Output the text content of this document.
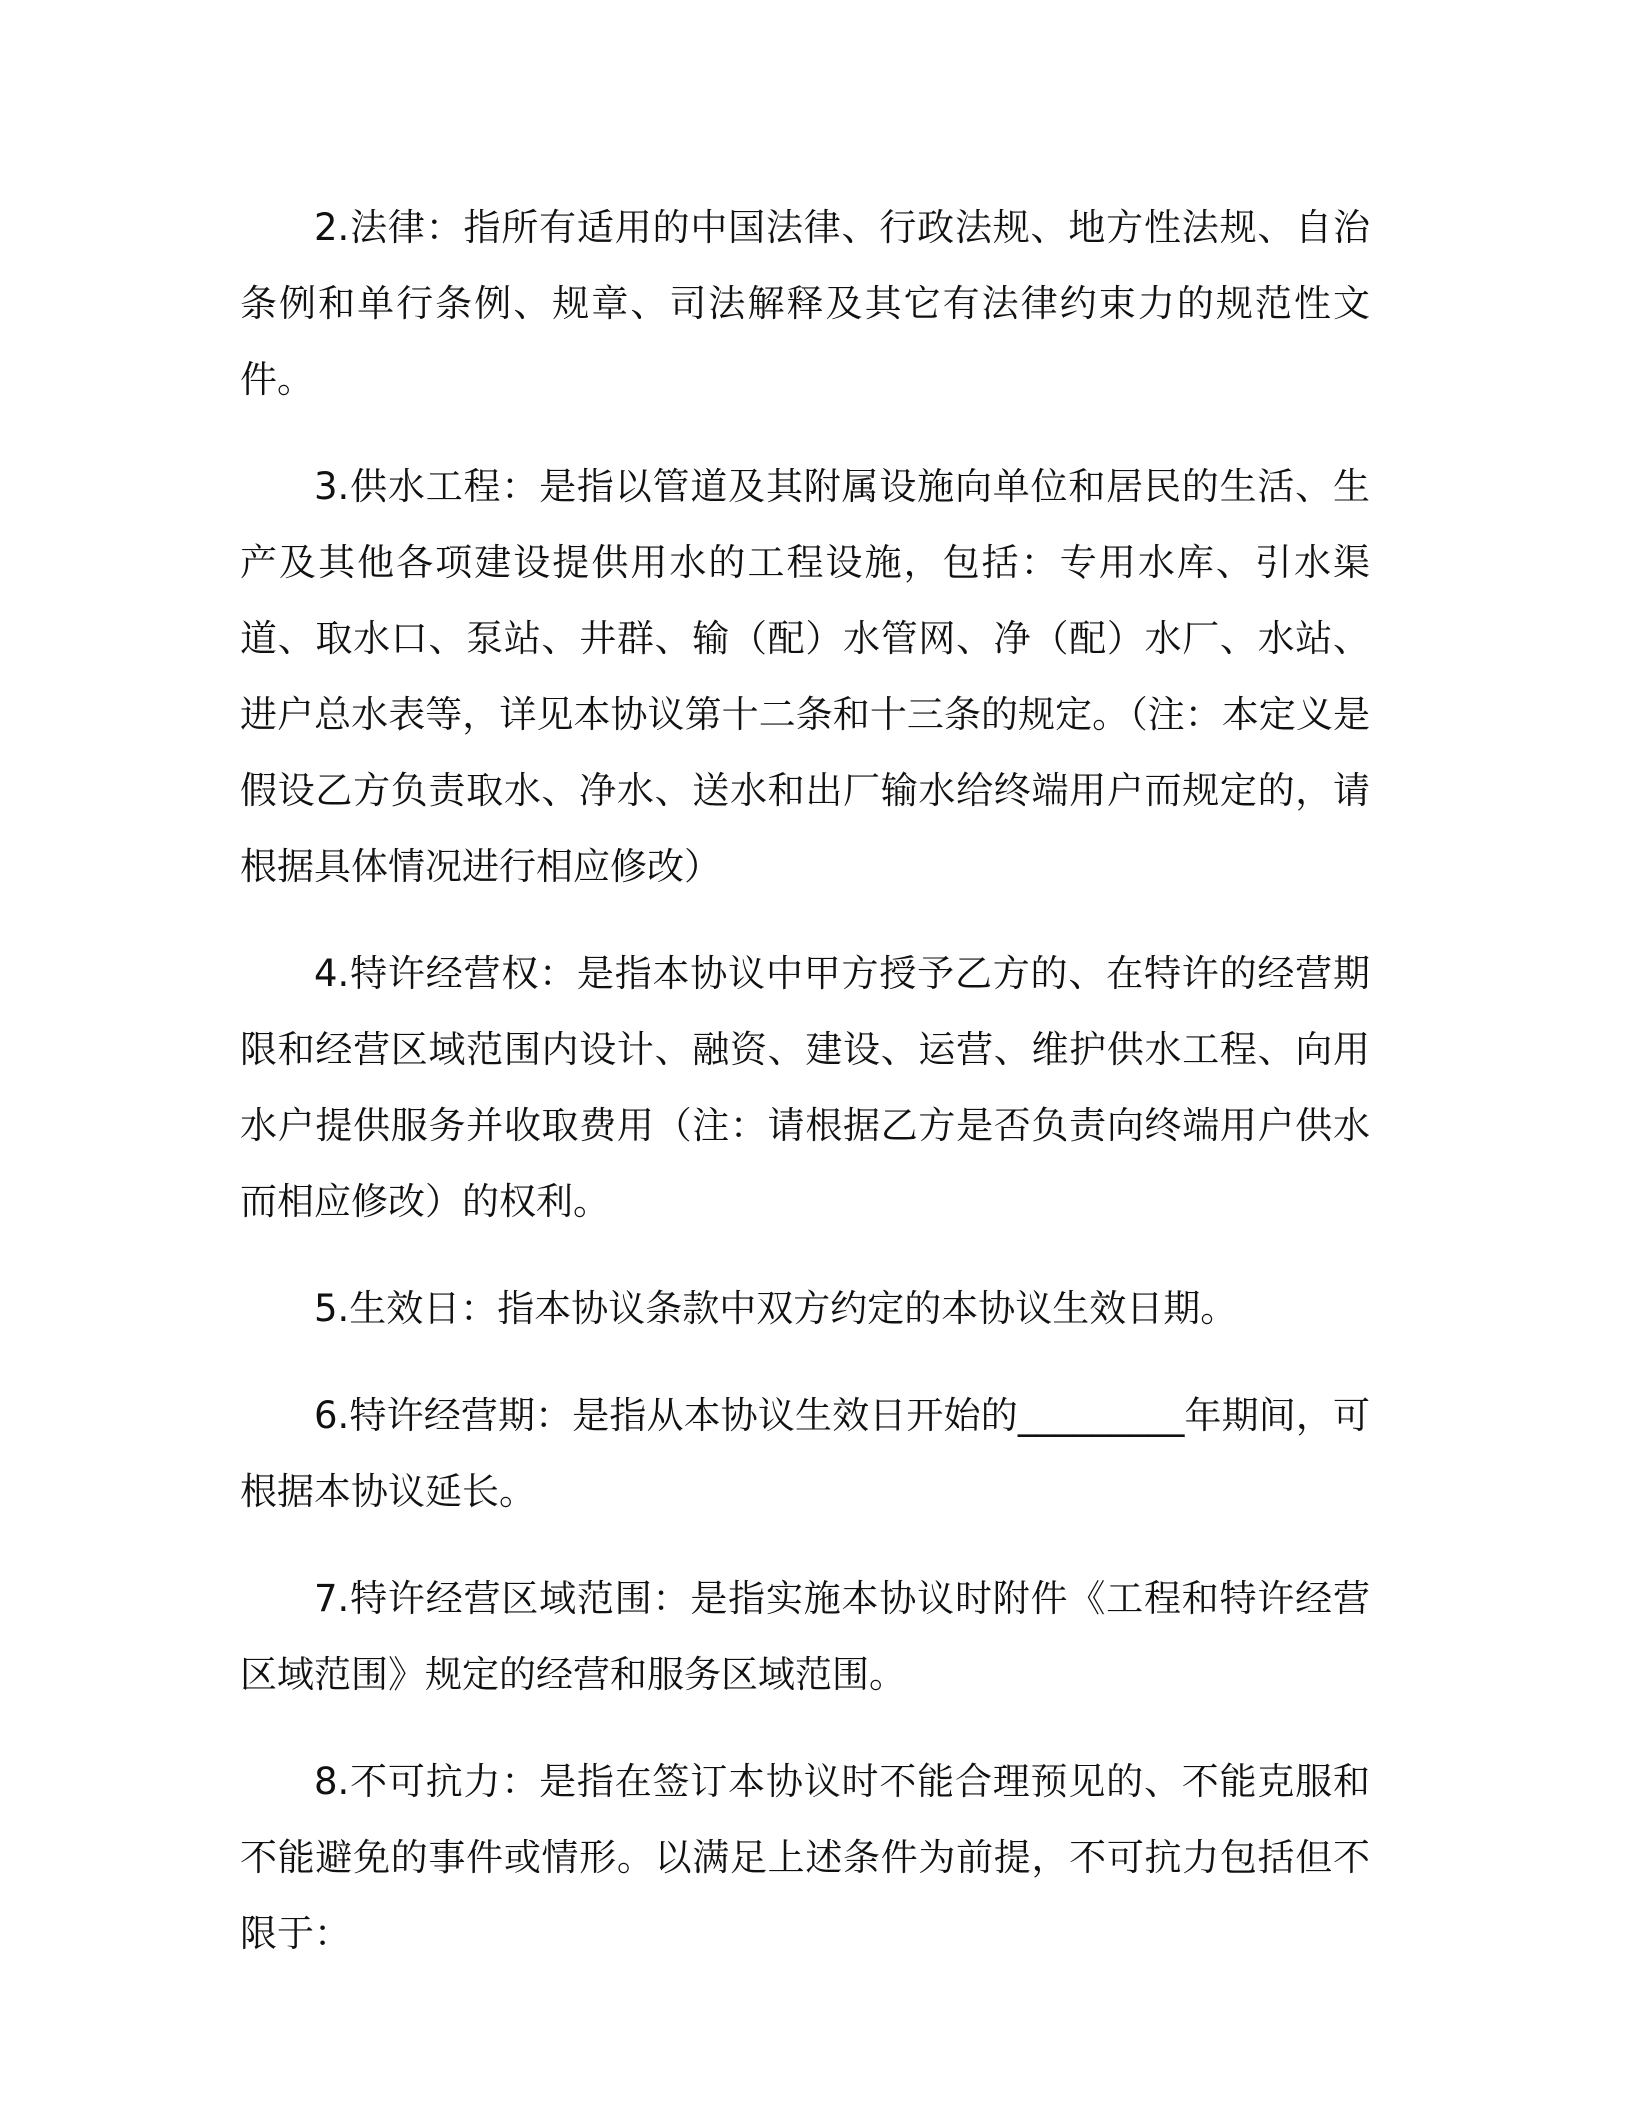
2.法律：指所有适用的中国法律、行政法规、地方性法规、自治条例和单行条例、规章、司法解释及其它有法律约束力的规范性文件。

3.供水工程：是指以管道及其附属设施向单位和居民的生活、生产及其他各项建设提供用水的工程设施，包括：专用水库、引水渠道、取水口、泵站、井群、输（配）水管网、净（配）水厂、水站、进户总水表等，详见本协议第十二条和十三条的规定。（注：本定义是假设乙方负责取水、净水、送水和出厂输水给终端用户而规定的，请根据具体情况进行相应修改）

4.特许经营权：是指本协议中甲方授予乙方的、在特许的经营期限和经营区域范围内设计、融资、建设、运营、维护供水工程、向用水户提供服务并收取费用（注：请根据乙方是否负责向终端用户供水而相应修改）的权利。

5.生效日：指本协议条款中双方约定的本协议生效日期。

6.特许经营期：是指从本协议生效日开始的_________年期间，可根据本协议延长。

7.特许经营区域范围：是指实施本协议时附件《工程和特许经营区域范围》规定的经营和服务区域范围。

8.不可抗力：是指在签订本协议时不能合理预见的、不能克服和不能避免的事件或情形。以满足上述条件为前提，不可抗力包括但不限于：
